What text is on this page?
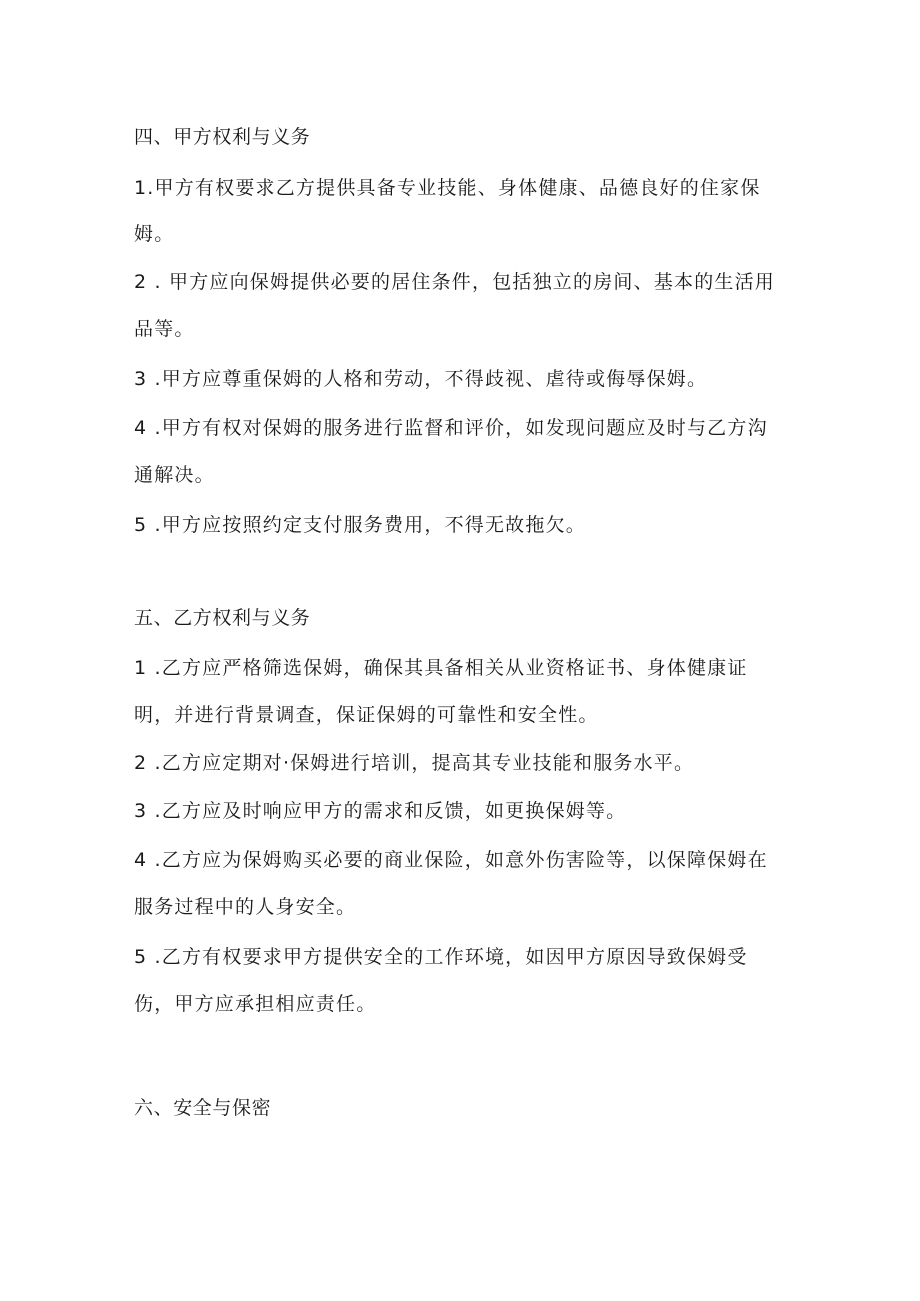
四、甲方权利与义务
1.甲方有权要求乙方提供具备专业技能、身体健康、品德良好的住家保
姆。
2 . 甲方应向保姆提供必要的居住条件，包括独立的房间、基本的生活用
品等。
3 .甲方应尊重保姆的人格和劳动，不得歧视、虐待或侮辱保姆。
4 .甲方有权对保姆的服务进行监督和评价，如发现问题应及时与乙方沟
通解决。
5 .甲方应按照约定支付服务费用，不得无故拖欠。
五、乙方权利与义务
1 .乙方应严格筛选保姆，确保其具备相关从业资格证书、身体健康证
明，并进行背景调查，保证保姆的可靠性和安全性。
2 .乙方应定期对·保姆进行培训，提高其专业技能和服务水平。
3 .乙方应及时响应甲方的需求和反馈，如更换保姆等。
4 .乙方应为保姆购买必要的商业保险，如意外伤害险等，以保障保姆在
服务过程中的人身安全。
5 .乙方有权要求甲方提供安全的工作环境，如因甲方原因导致保姆受
伤，甲方应承担相应责任。
六、安全与保密
